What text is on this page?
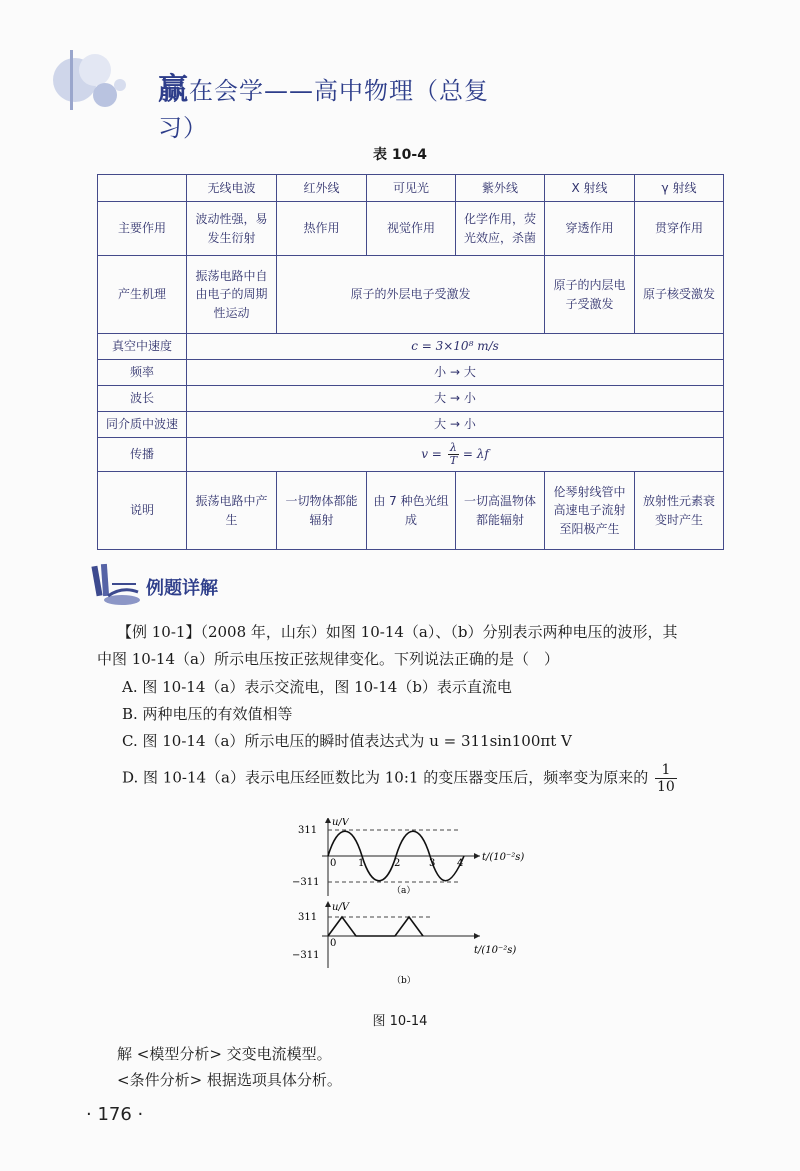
赢在会学——高中物理（总复习）
表 10-4
	无线电波	红外线	可见光	紫外线	X 射线	γ 射线
主要作用	波动性强，易发生衍射	热作用	视觉作用	化学作用，荧光效应，杀菌	穿透作用	贯穿作用
产生机理	振荡电路中自由电子的周期性运动	原子的外层电子受激发			原子的内层电子受激发	原子核受激发
真空中速度	c = 3×10⁸ m/s					
频率	小 → 大					
波长	大 → 小					
同介质中波速	大 → 小					
传播	$v = \frac{\lambda}{T} = \lambda f$					
说明	振荡电路中产生	一切物体都能辐射	由 7 种色光组成	一切高温物体都能辐射	伦琴射线管中高速电子流射至阳极产生	放射性元素衰变时产生
例题详解
【例 10-1】（2008 年，山东）如图 10-14（a）、（b）分别表示两种电压的波形，其
中图 10-14（a）所示电压按正弦规律变化。下列说法正确的是（　）
A. 图 10-14（a）表示交流电，图 10-14（b）表示直流电
B. 两种电压的有效值相等
C. 图 10-14（a）所示电压的瞬时值表达式为 u = 311sin100πt V
D. 图 10-14（a）表示电压经匝数比为 10:1 的变压器变压后，频率变为原来的 $\frac{1}{10}$
u/V
311
−311
0 1	2	3 4
t/(10⁻²s)
（a）
u/V
311
−311
0
t/(10⁻²s)
（b）
图 10-14
解 <模型分析> 交变电流模型。
<条件分析> 根据选项具体分析。
· 176 ·
